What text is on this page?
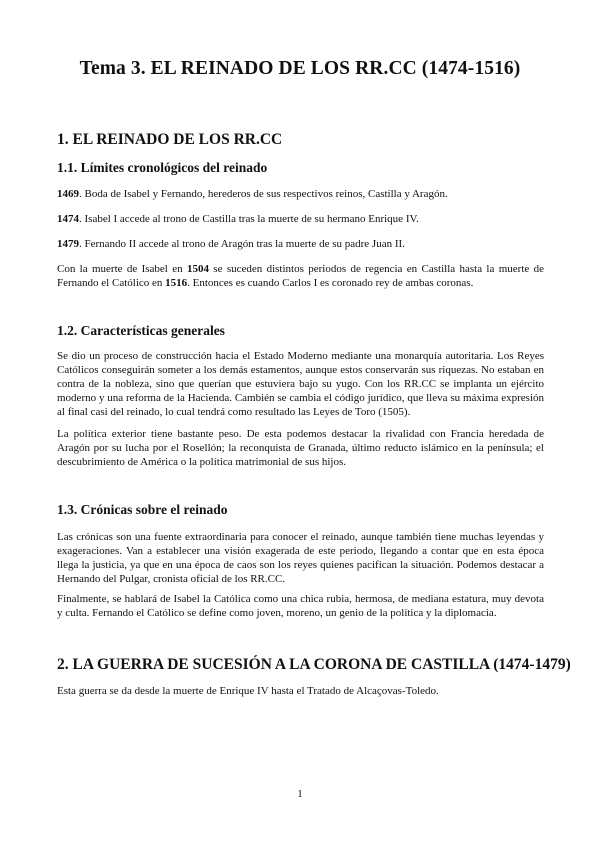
Tema 3. EL REINADO DE LOS RR.CC (1474-1516)
1. EL REINADO DE LOS RR.CC
1.1. Límites cronológicos del reinado

1469. Boda de Isabel y Fernando, herederos de sus respectivos reinos, Castilla y Aragón.

1474. Isabel I accede al trono de Castilla tras la muerte de su hermano Enrique IV.

1479. Fernando II accede al trono de Aragón tras la muerte de su padre Juan II.

Con la muerte de Isabel en 1504 se suceden distintos periodos de regencia en Castilla hasta la muerte de Fernando el Católico en 1516. Entonces es cuando Carlos I es coronado rey de ambas coronas.

1.2. Características generales

Se dio un proceso de construcción hacia el Estado Moderno mediante una monarquía autoritaria. Los Reyes Católicos conseguirán someter a los demás estamentos, aunque estos conservarán sus riquezas. No estaban en contra de la nobleza, sino que querían que estuviera bajo su yugo. Con los RR.CC se implanta un ejército moderno y una reforma de la Hacienda. Cambién se cambia el código jurídico, que lleva su máxima expresión al final casi del reinado, lo cual tendrá como resultado las Leyes de Toro (1505).

La política exterior tiene bastante peso. De esta podemos destacar la rivalidad con Francia heredada de Aragón por su lucha por el Rosellón; la reconquista de Granada, último reducto islámico en la península; el descubrimiento de América o la política matrimonial de sus hijos.

1.3. Crónicas sobre el reinado

Las crónicas son una fuente extraordinaria para conocer el reinado, aunque también tiene muchas leyendas y exageraciones. Van a establecer una visión exagerada de este periodo, llegando a contar que en esta época llega la justicia, ya que en una época de caos son los reyes quienes pacifican la situación. Podemos destacar a Hernando del Pulgar, cronista oficial de los RR.CC.

Finalmente, se hablará de Isabel la Católica como una chica rubia, hermosa, de mediana estatura, muy devota y culta. Fernando el Católico se define como joven, moreno, un genio de la política y la diplomacia.

2. LA GUERRA DE SUCESIÓN A LA CORONA DE CASTILLA (1474-1479)

Esta guerra se da desde la muerte de Enrique IV hasta el Tratado de Alcaçovas-Toledo.

1
